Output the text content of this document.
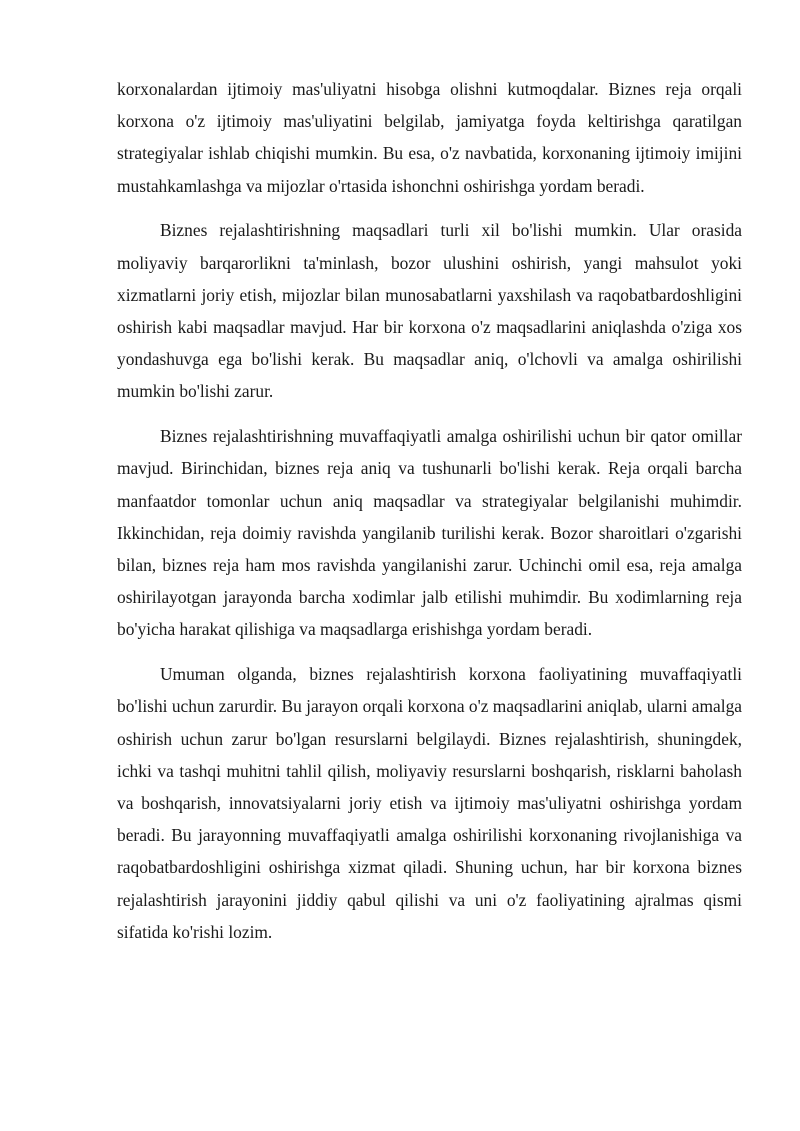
korxonalardan ijtimoiy mas'uliyatni hisobga olishni kutmoqdalar. Biznes reja orqali korxona o'z ijtimoiy mas'uliyatini belgilab, jamiyatga foyda keltirishga qaratilgan strategiyalar ishlab chiqishi mumkin. Bu esa, o'z navbatida, korxonaning ijtimoiy imijini mustahkamlashga va mijozlar o'rtasida ishonchni oshirishga yordam beradi.

Biznes rejalashtirishning maqsadlari turli xil bo'lishi mumkin. Ular orasida moliyaviy barqarorlikni ta'minlash, bozor ulushini oshirish, yangi mahsulot yoki xizmatlarni joriy etish, mijozlar bilan munosabatlarni yaxshilash va raqobatbardoshligini oshirish kabi maqsadlar mavjud. Har bir korxona o'z maqsadlarini aniqlashda o'ziga xos yondashuvga ega bo'lishi kerak. Bu maqsadlar aniq, o'lchovli va amalga oshirilishi mumkin bo'lishi zarur.

Biznes rejalashtirishning muvaffaqiyatli amalga oshirilishi uchun bir qator omillar mavjud. Birinchidan, biznes reja aniq va tushunarli bo'lishi kerak. Reja orqali barcha manfaatdor tomonlar uchun aniq maqsadlar va strategiyalar belgilanishi muhimdir. Ikkinchidan, reja doimiy ravishda yangilanib turilishi kerak. Bozor sharoitlari o'zgarishi bilan, biznes reja ham mos ravishda yangilanishi zarur. Uchinchi omil esa, reja amalga oshirilayotgan jarayonda barcha xodimlar jalb etilishi muhimdir. Bu xodimlarning reja bo'yicha harakat qilishiga va maqsadlarga erishishga yordam beradi.

Umuman olganda, biznes rejalashtirish korxona faoliyatining muvaffaqiyatli bo'lishi uchun zarurdir. Bu jarayon orqali korxona o'z maqsadlarini aniqlab, ularni amalga oshirish uchun zarur bo'lgan resurslarni belgilaydi. Biznes rejalashtirish, shuningdek, ichki va tashqi muhitni tahlil qilish, moliyaviy resurslarni boshqarish, risklarni baholash va boshqarish, innovatsiyalarni joriy etish va ijtimoiy mas'uliyatni oshirishga yordam beradi. Bu jarayonning muvaffaqiyatli amalga oshirilishi korxonaning rivojlanishiga va raqobatbardoshligini oshirishga xizmat qiladi. Shuning uchun, har bir korxona biznes rejalashtirish jarayonini jiddiy qabul qilishi va uni o'z faoliyatining ajralmas qismi sifatida ko'rishi lozim.
